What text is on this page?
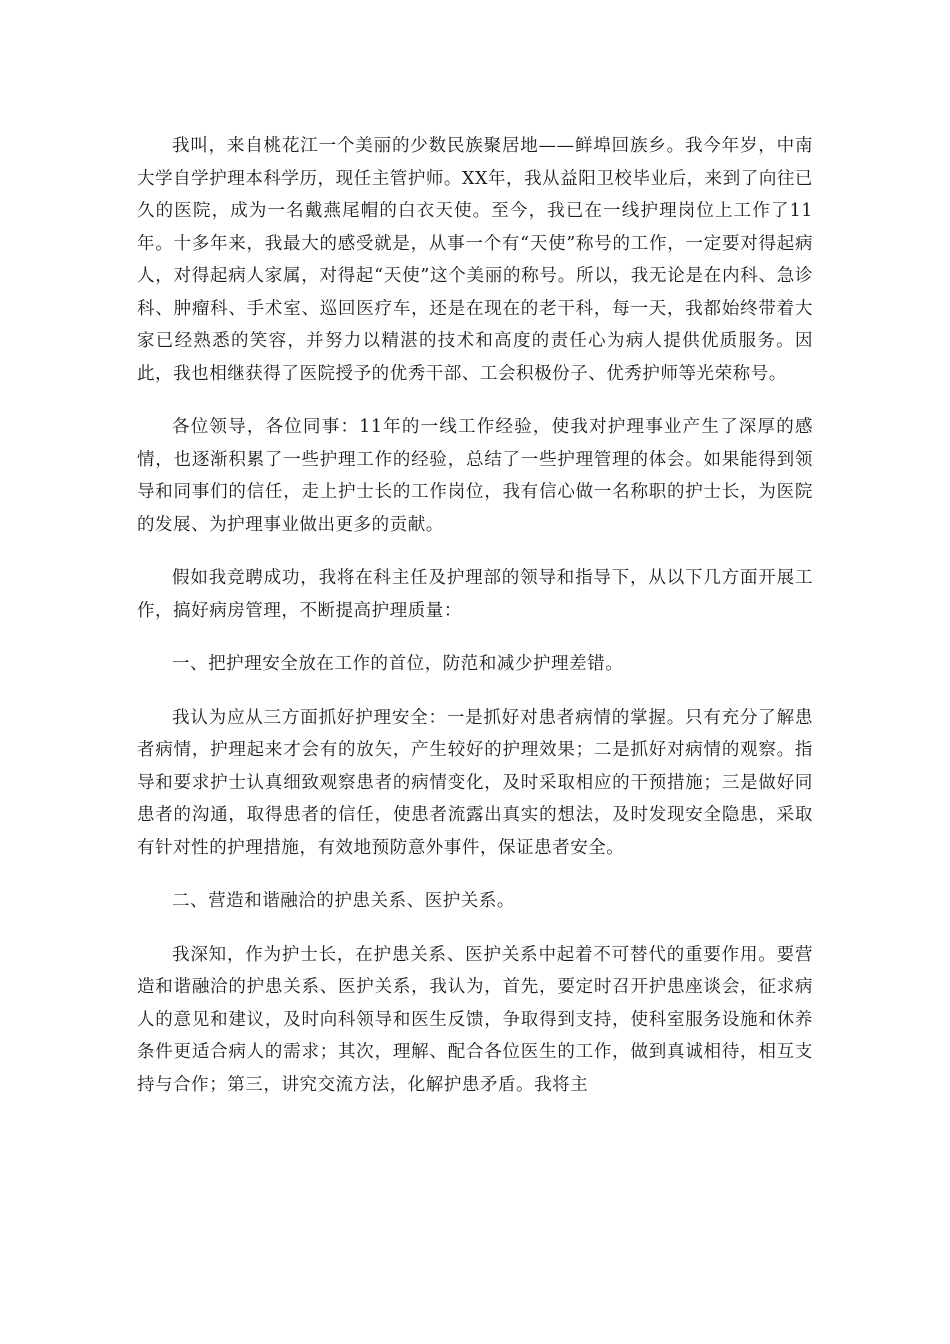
我叫，来自桃花江一个美丽的少数民族聚居地——鲜埠回族乡。我今年岁，中南大学自学护理本科学历，现任主管护师。XX年，我从益阳卫校毕业后，来到了向往已久的医院，成为一名戴燕尾帽的白衣天使。至今，我已在一线护理岗位上工作了11年。十多年来，我最大的感受就是，从事一个有“天使”称号的工作，一定要对得起病人，对得起病人家属，对得起“天使”这个美丽的称号。所以，我无论是在内科、急诊科、肿瘤科、手术室、巡回医疗车，还是在现在的老干科，每一天，我都始终带着大家已经熟悉的笑容，并努力以精湛的技术和高度的责任心为病人提供优质服务。因此，我也相继获得了医院授予的优秀干部、工会积极份子、优秀护师等光荣称号。

各位领导，各位同事：11年的一线工作经验，使我对护理事业产生了深厚的感情，也逐渐积累了一些护理工作的经验，总结了一些护理管理的体会。如果能得到领导和同事们的信任，走上护士长的工作岗位，我有信心做一名称职的护士长，为医院的发展、为护理事业做出更多的贡献。

假如我竞聘成功，我将在科主任及护理部的领导和指导下，从以下几方面开展工作，搞好病房管理，不断提高护理质量：

一、把护理安全放在工作的首位，防范和减少护理差错。

我认为应从三方面抓好护理安全：一是抓好对患者病情的掌握。只有充分了解患者病情，护理起来才会有的放矢，产生较好的护理效果；二是抓好对病情的观察。指导和要求护士认真细致观察患者的病情变化，及时采取相应的干预措施；三是做好同患者的沟通，取得患者的信任，使患者流露出真实的想法，及时发现安全隐患，采取有针对性的护理措施，有效地预防意外事件，保证患者安全。

二、营造和谐融洽的护患关系、医护关系。

我深知，作为护士长，在护患关系、医护关系中起着不可替代的重要作用。要营造和谐融洽的护患关系、医护关系，我认为，首先，要定时召开护患座谈会，征求病人的意见和建议，及时向科领导和医生反馈，争取得到支持，使科室服务设施和休养条件更适合病人的需求；其次，理解、配合各位医生的工作，做到真诚相待，相互支持与合作；第三，讲究交流方法，化解护患矛盾。我将主
